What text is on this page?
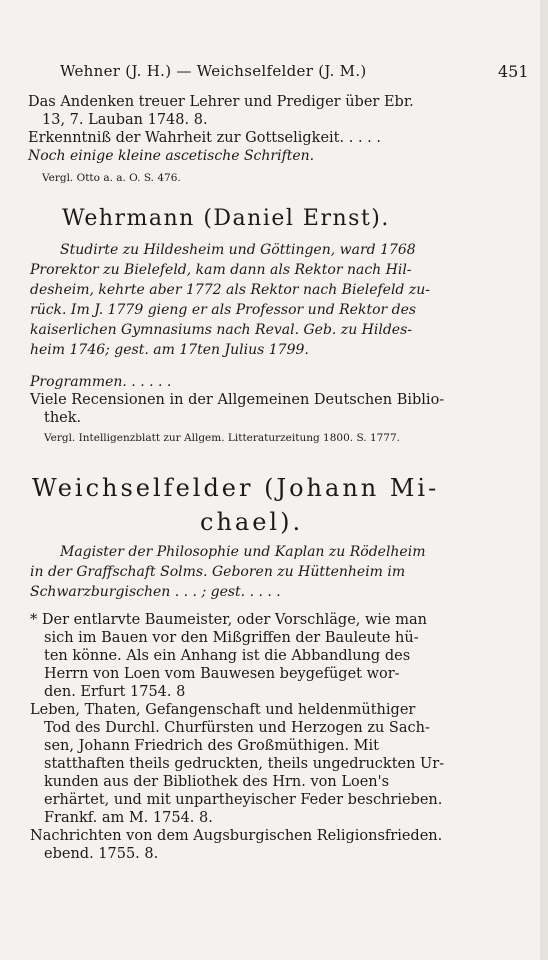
Wehner (J. H.) — Weichselfelder (J. M.)	451
Das Andenken treuer Lehrer und Prediger über Ebr.
13, 7. Lauban 1748. 8.
Erkenntniß der Wahrheit zur Gottseligkeit. . . . .
Noch einige kleine ascetische Schriften.
Vergl. Otto a. a. O. S. 476.
Wehrmann (Daniel Ernst).
Studirte zu Hildesheim und Göttingen, ward 1768
Prorektor zu Bielefeld, kam dann als Rektor nach Hil-
desheim, kehrte aber 1772 als Rektor nach Bielefeld zu-
rück. Im J. 1779 gieng er als Professor und Rektor des
kaiserlichen Gymnasiums nach Reval. Geb. zu Hildes-
heim 1746; gest. am 17ten Julius 1799.
Programmen. . . . . .
Viele Recensionen in der Allgemeinen Deutschen Biblio-
thek.
Vergl. Intelligenzblatt zur Allgem. Litteraturzeitung 1800. S. 1777.
Weichselfelder (Johann Mi-
chael).
Magister der Philosophie und Kaplan zu Rödelheim
in der Graffschaft Solms. Geboren zu Hüttenheim im
Schwarzburgischen . . . ; gest. . . . .
* Der entlarvte Baumeister, oder Vorschläge, wie man
sich im Bauen vor den Mißgriffen der Bauleute hü-
ten könne. Als ein Anhang ist die Abbandlung des
Herrn von Loen vom Bauwesen beygefüget wor-
den. Erfurt 1754. 8
Leben, Thaten, Gefangenschaft und heldenmüthiger
Tod des Durchl. Churfürsten und Herzogen zu Sach-
sen, Johann Friedrich des Großmüthigen. Mit
statthaften theils gedruckten, theils ungedruckten Ur-
kunden aus der Bibliothek des Hrn. von Loen's
erhärtet, und mit unpartheyischer Feder beschrieben.
Frankf. am M. 1754. 8.
Nachrichten von dem Augsburgischen Religionsfrieden.
ebend. 1755. 8.
